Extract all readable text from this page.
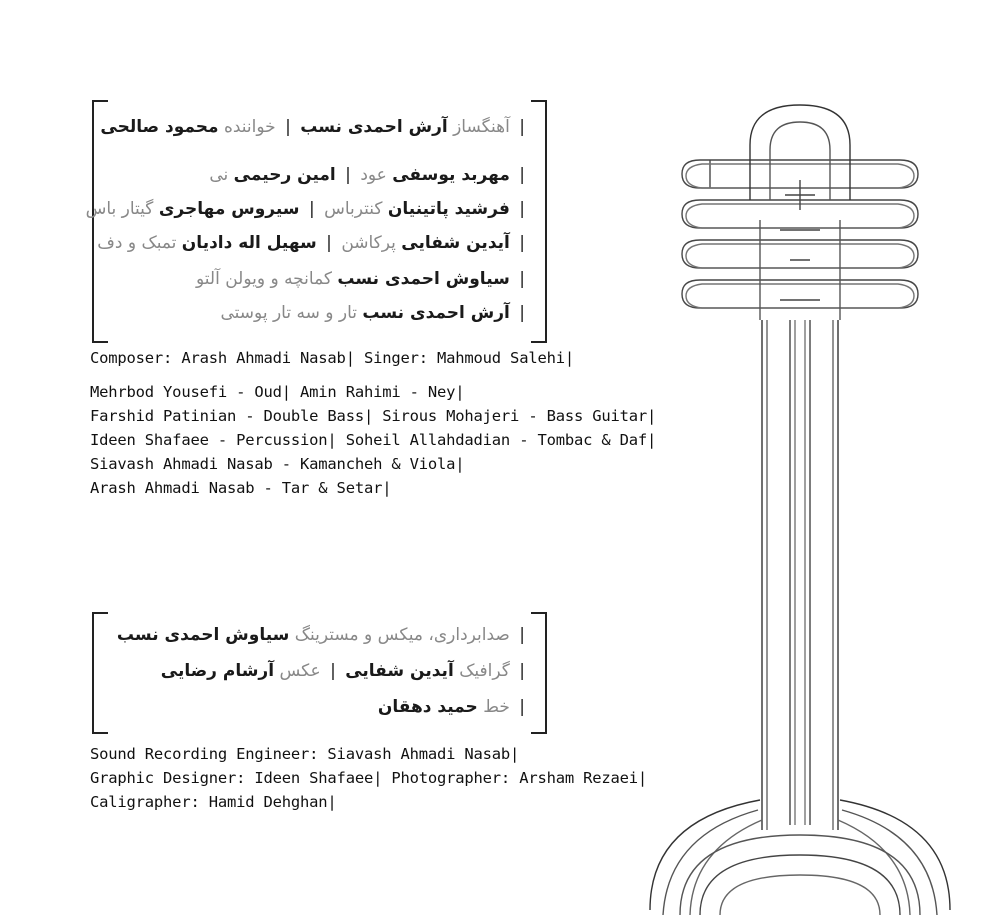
| آهنگساز آرش احمدی نسب | خواننده محمود صالحی
| مهربد یوسفی عود | امین رحیمی نی
| فرشید پاتینیان کنترباس | سیروس مهاجری گیتار باس
| آیدین شفایی پرکاشن | سهیل اله دادیان تمبک و دف
| سیاوش احمدی نسب کمانچه و ویولن آلتو
| آرش احمدی نسب تار و سه تار پوستی
Composer: Arash Ahmadi Nasab| Singer: Mahmoud Salehi|
Mehrbod Yousefi - Oud| Amin Rahimi - Ney|
Farshid Patinian - Double Bass| Sirous Mohajeri - Bass Guitar|
Ideen Shafaee - Percussion| Soheil Allahdadian - Tombac & Daf|
Siavash Ahmadi Nasab - Kamancheh & Viola|
Arash Ahmadi Nasab - Tar & Setar|
| صدابرداری، میکس و مسترینگ سیاوش احمدی نسب
| گرافیک آیدین شفایی | عکس آرشام رضایی
| خط حمید دهقان
Sound Recording Engineer: Siavash Ahmadi Nasab|
Graphic Designer: Ideen Shafaee| Photographer: Arsham Rezaei|
Caligrapher: Hamid Dehghan|
